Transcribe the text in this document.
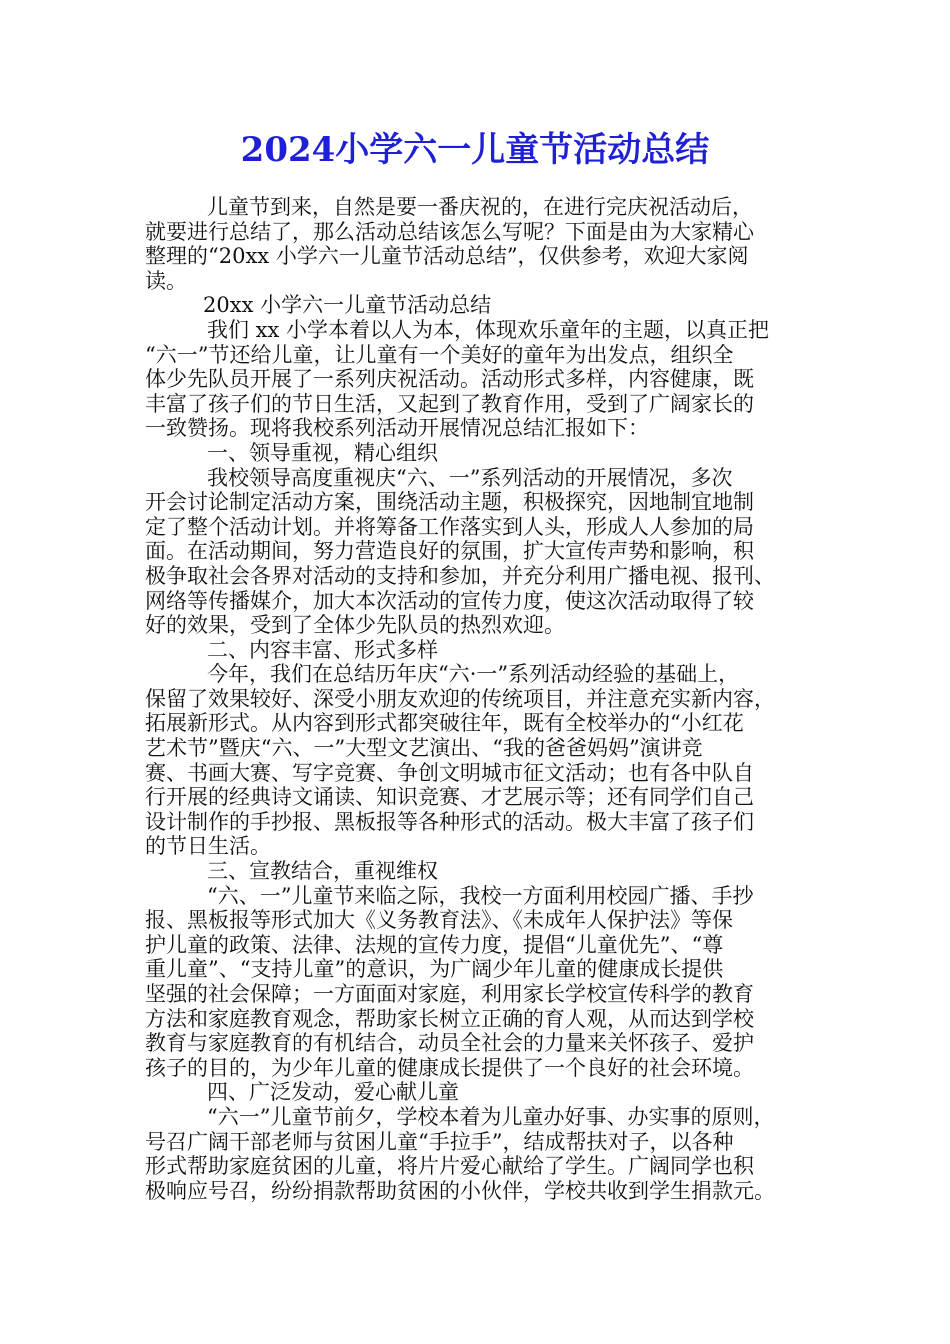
2024小学六一儿童节活动总结
儿童节到来，自然是要一番庆祝的，在进行完庆祝活动后，
就要进行总结了，那么活动总结该怎么写呢？下面是由为大家精心
整理的“20xx 小学六一儿童节活动总结”，仅供参考，欢迎大家阅
读。
20xx 小学六一儿童节活动总结
我们 xx 小学本着以人为本，体现欢乐童年的主题，以真正把
“六一”节还给儿童，让儿童有一个美好的童年为出发点，组织全
体少先队员开展了一系列庆祝活动。活动形式多样，内容健康，既
丰富了孩子们的节日生活，又起到了教育作用，受到了广阔家长的
一致赞扬。现将我校系列活动开展情况总结汇报如下：
一、领导重视，精心组织
我校领导高度重视庆“六、一”系列活动的开展情况，多次
开会讨论制定活动方案，围绕活动主题，积极探究，因地制宜地制
定了整个活动计划。并将筹备工作落实到人头，形成人人参加的局
面。在活动期间，努力营造良好的氛围，扩大宣传声势和影响，积
极争取社会各界对活动的支持和参加，并充分利用广播电视、报刊、
网络等传播媒介，加大本次活动的宣传力度，使这次活动取得了较
好的效果，受到了全体少先队员的热烈欢迎。
二、内容丰富、形式多样
今年，我们在总结历年庆“六·一”系列活动经验的基础上，
保留了效果较好、深受小朋友欢迎的传统项目，并注意充实新内容，
拓展新形式。从内容到形式都突破往年，既有全校举办的“小红花
艺术节”暨庆“六、一”大型文艺演出、“我的爸爸妈妈”演讲竞
赛、书画大赛、写字竞赛、争创文明城市征文活动；也有各中队自
行开展的经典诗文诵读、知识竞赛、才艺展示等；还有同学们自己
设计制作的手抄报、黑板报等各种形式的活动。极大丰富了孩子们
的节日生活。
三、宣教结合，重视维权
“六、一”儿童节来临之际，我校一方面利用校园广播、手抄
报、黑板报等形式加大《义务教育法》、《未成年人保护法》等保
护儿童的政策、法律、法规的宣传力度，提倡“儿童优先”、“尊
重儿童”、“支持儿童”的意识，为广阔少年儿童的健康成长提供
坚强的社会保障；一方面面对家庭，利用家长学校宣传科学的教育
方法和家庭教育观念，帮助家长树立正确的育人观，从而达到学校
教育与家庭教育的有机结合，动员全社会的力量来关怀孩子、爱护
孩子的目的，为少年儿童的健康成长提供了一个良好的社会环境。
四、广泛发动，爱心献儿童
“六一”儿童节前夕，学校本着为儿童办好事、办实事的原则，
号召广阔干部老师与贫困儿童“手拉手”，结成帮扶对子，以各种
形式帮助家庭贫困的儿童，将片片爱心献给了学生。广阔同学也积
极响应号召，纷纷捐款帮助贫困的小伙伴，学校共收到学生捐款元。
